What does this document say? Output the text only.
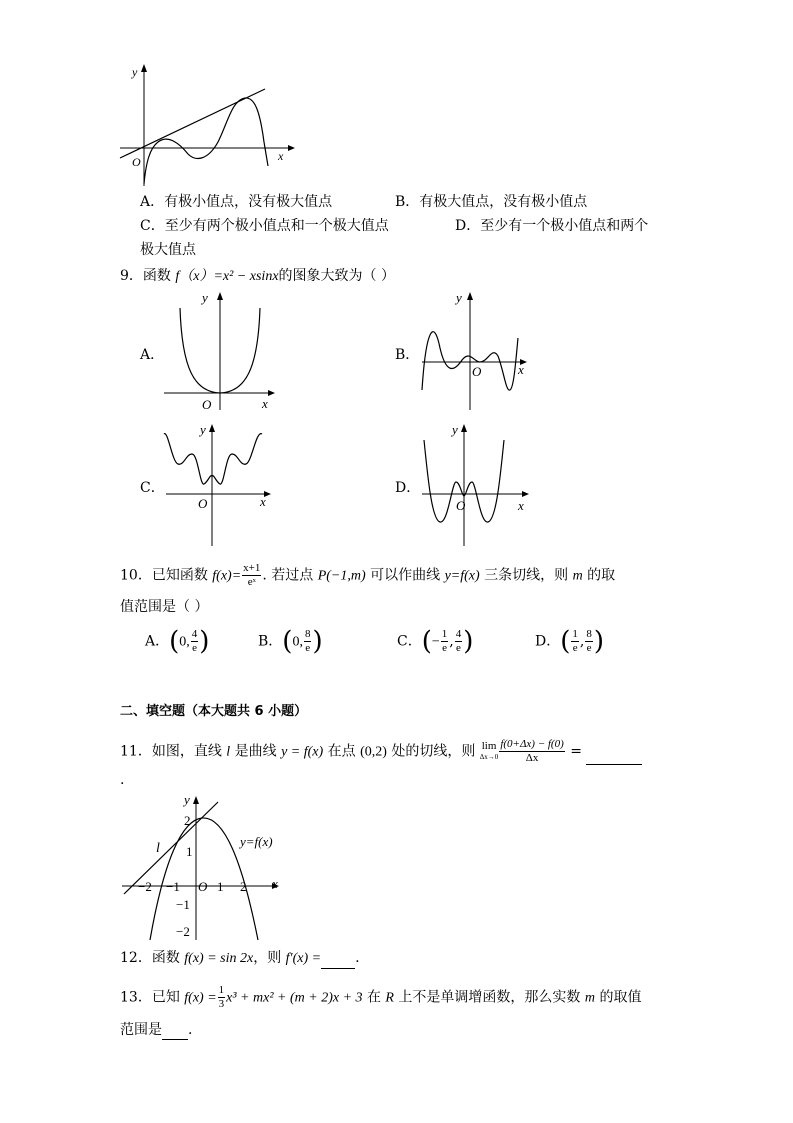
y
x
O
A．有极小值点，没有极大值点	B．有极大值点，没有极小值点
C．至少有两个极小值点和一个极大值点	D．至少有一个极小值点和两个
极大值点
9．函数 f（x）=x² − xsinx的图象大致为（ ）
A．
y
x
O
B．
y
x
O
C．
y
x
O
D．
y
x
O
10．已知函数 $f(x)= \frac{x+1}{\text{eˣ}}$ . 若过点 P(−1,m) 可以作曲线 y=f(x) 三条切线，则 m 的取
值范围是（ ）
A．(0, $\frac{4}{e}$ )	B．(0, $\frac{8}{e}$ )	C．(− $\frac{1}{e}$ , $\frac{4}{e}$ )	D．( $\frac{1}{e}$ , $\frac{8}{e}$ )
二、填空题（本大题共 6 小题）
11．如图，直线 l 是曲线 y = f(x) 在点 (0,2) 处的切线，则 lim
$\Delta x\to 0 \frac{f(0+\Delta x) - f(0)}{\Delta x}$ =
.
y
x
O
2
1
−1
−2
−2 −1	1 2
l	y=f(x)
12．函数 f(x) = sin 2x，则 f′(x) = .
13．已知 $f(x) = \frac{1}{3} x^3 + mx^2 + (m + 2)x + 3$ 在 R 上不是单调增函数，那么实数 m 的取值
范围是 .
